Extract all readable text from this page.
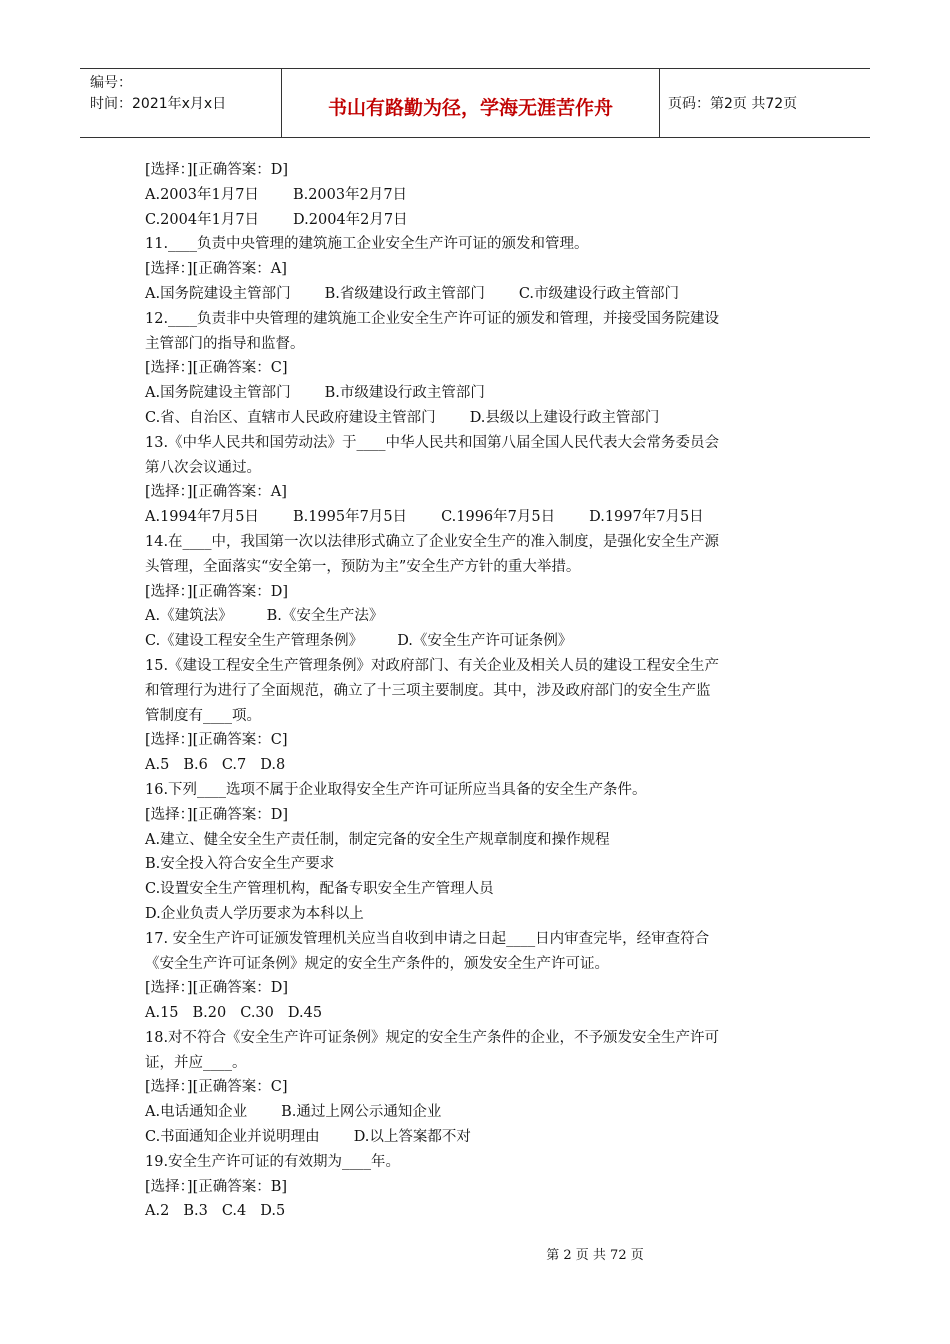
编号：
时间：2021年x月x日	书山有路勤为径，学海无涯苦作舟	页码：第2页 共72页
[选择：][正确答案：D]
A.2003年1月7日 B.2003年2月7日
C.2004年1月7日 D.2004年2月7日
11.____负责中央管理的建筑施工企业安全生产许可证的颁发和管理。
[选择：][正确答案：A]
A.国务院建设主管部门 B.省级建设行政主管部门 C.市级建设行政主管部门
12.____负责非中央管理的建筑施工企业安全生产许可证的颁发和管理，并接受国务院建设
主管部门的指导和监督。
[选择：][正确答案：C]
A.国务院建设主管部门 B.市级建设行政主管部门
C.省、自治区、直辖市人民政府建设主管部门 D.县级以上建设行政主管部门
13.《中华人民共和国劳动法》于____中华人民共和国第八届全国人民代表大会常务委员会
第八次会议通过。
[选择：][正确答案：A]
A.1994年7月5日 B.1995年7月5日 C.1996年7月5日 D.1997年7月5日
14.在____中，我国第一次以法律形式确立了企业安全生产的准入制度，是强化安全生产源
头管理，全面落实“安全第一，预防为主”安全生产方针的重大举措。
[选择：][正确答案：D]
A.《建筑法》 B.《安全生产法》
C.《建设工程安全生产管理条例》 D.《安全生产许可证条例》
15.《建设工程安全生产管理条例》对政府部门、有关企业及相关人员的建设工程安全生产
和管理行为进行了全面规范，确立了十三项主要制度。其中，涉及政府部门的安全生产监
管制度有____项。
[选择：][正确答案：C]
A.5 B.6 C.7 D.8
16.下列____选项不属于企业取得安全生产许可证所应当具备的安全生产条件。
[选择：][正确答案：D]
A.建立、健全安全生产责任制，制定完备的安全生产规章制度和操作规程
B.安全投入符合安全生产要求
C.设置安全生产管理机构，配备专职安全生产管理人员
D.企业负责人学历要求为本科以上
17. 安全生产许可证颁发管理机关应当自收到申请之日起____日内审查完毕，经审查符合
《安全生产许可证条例》规定的安全生产条件的，颁发安全生产许可证。
[选择：][正确答案：D]
A.15 B.20 C.30 D.45
18.对不符合《安全生产许可证条例》规定的安全生产条件的企业，不予颁发安全生产许可
证，并应____。
[选择：][正确答案：C]
A.电话通知企业 B.通过上网公示通知企业
C.书面通知企业并说明理由 D.以上答案都不对
19.安全生产许可证的有效期为____年。
[选择：][正确答案：B]
A.2 B.3 C.4 D.5
第 2 页 共 72 页
